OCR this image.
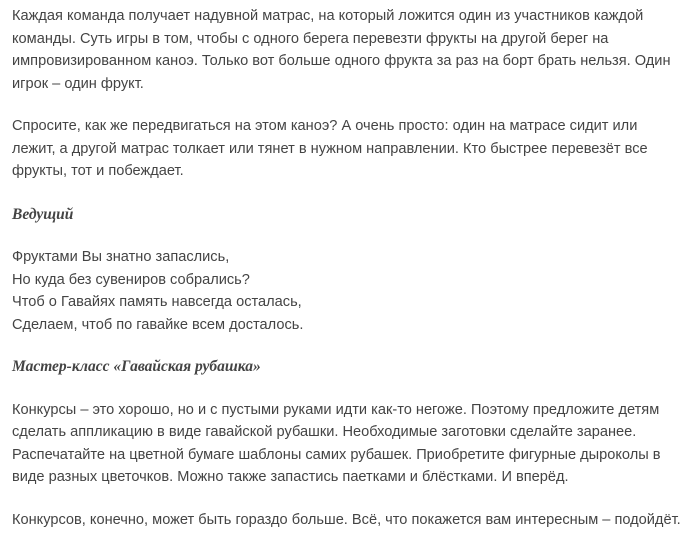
Каждая команда получает надувной матрас, на который ложится один из участников каждой команды. Суть игры в том, чтобы с одного берега перевезти фрукты на другой берег на импровизированном каноэ. Только вот больше одного фрукта за раз на борт брать нельзя. Один игрок – один фрукт.

Спросите, как же передвигаться на этом каноэ? А очень просто: один на матрасе сидит или лежит, а другой матрас толкает или тянет в нужном направлении. Кто быстрее перевезёт все фрукты, тот и побеждает.

Ведущий
Фруктами Вы знатно запаслись,
Но куда без сувениров собрались?
Чтоб о Гавайях память навсегда осталась,
Сделаем, чтоб по гавайке всем досталось.
Мастер-класс «Гавайская рубашка»

Конкурсы – это хорошо, но и с пустыми руками идти как-то негоже. Поэтому предложите детям сделать аппликацию в виде гавайской рубашки. Необходимые заготовки сделайте заранее. Распечатайте на цветной бумаге шаблоны самих рубашек. Приобретите фигурные дыроколы в виде разных цветочков. Можно также запастись паетками и блёстками. И вперёд.

Конкурсов, конечно, может быть гораздо больше. Всё, что покажется вам интересным – подойдёт.
